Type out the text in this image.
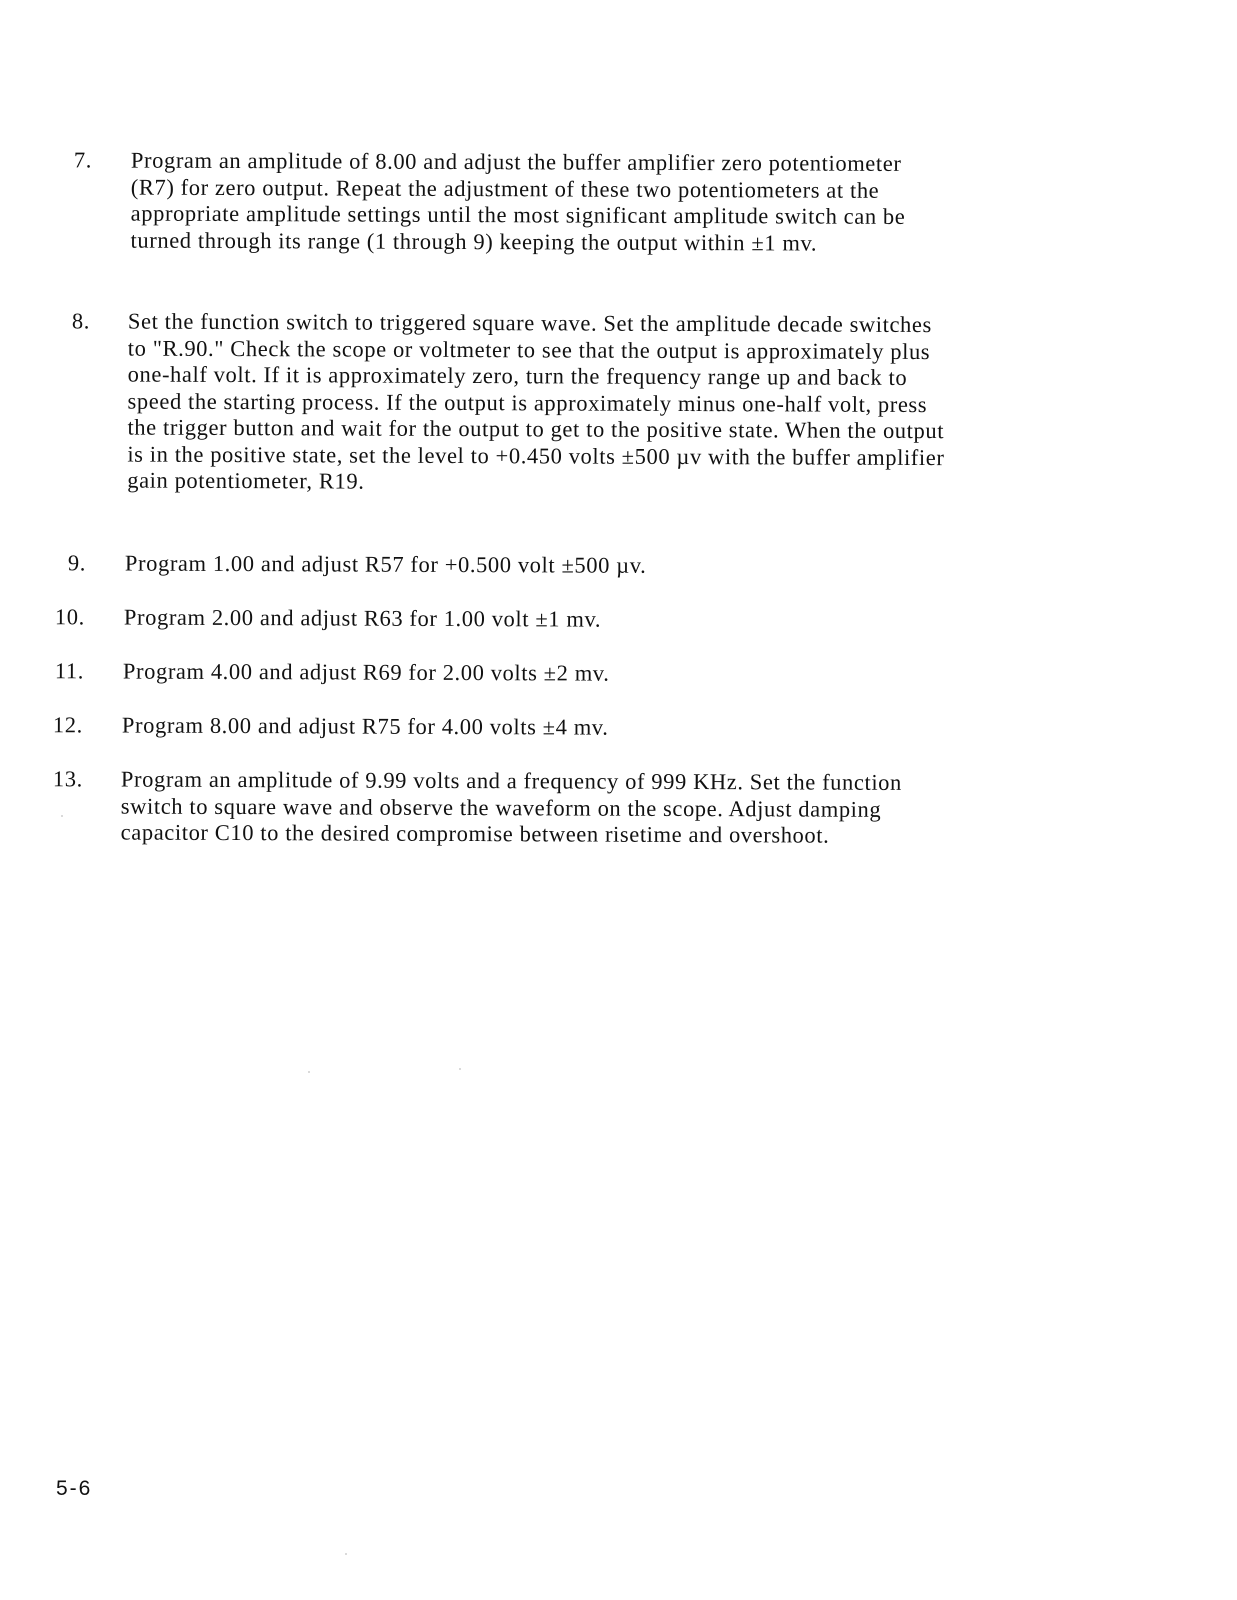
7. Program an amplitude of 8.00 and adjust the buffer amplifier zero potentiometer (R7) for zero output. Repeat the adjustment of these two potentiometers at the appropriate amplitude settings until the most significant amplitude switch can be turned through its range (1 through 9) keeping the output within ±1 mv.

8. Set the function switch to triggered square wave. Set the amplitude decade switches to "R.90." Check the scope or voltmeter to see that the output is approximately plus one-half volt. If it is approximately zero, turn the frequency range up and back to speed the starting process. If the output is approximately minus one-half volt, press the trigger button and wait for the output to get to the positive state. When the output is in the positive state, set the level to +0.450 volts ±500 µv with the buffer amplifier gain potentiometer, R19.

9. Program 1.00 and adjust R57 for +0.500 volt ±500 µv.

10. Program 2.00 and adjust R63 for 1.00 volt ±1 mv.

11. Program 4.00 and adjust R69 for 2.00 volts ±2 mv.

12. Program 8.00 and adjust R75 for 4.00 volts ±4 mv.

13. Program an amplitude of 9.99 volts and a frequency of 999 KHz. Set the function switch to square wave and observe the waveform on the scope. Adjust damping capacitor C10 to the desired compromise between risetime and overshoot.

5-6
